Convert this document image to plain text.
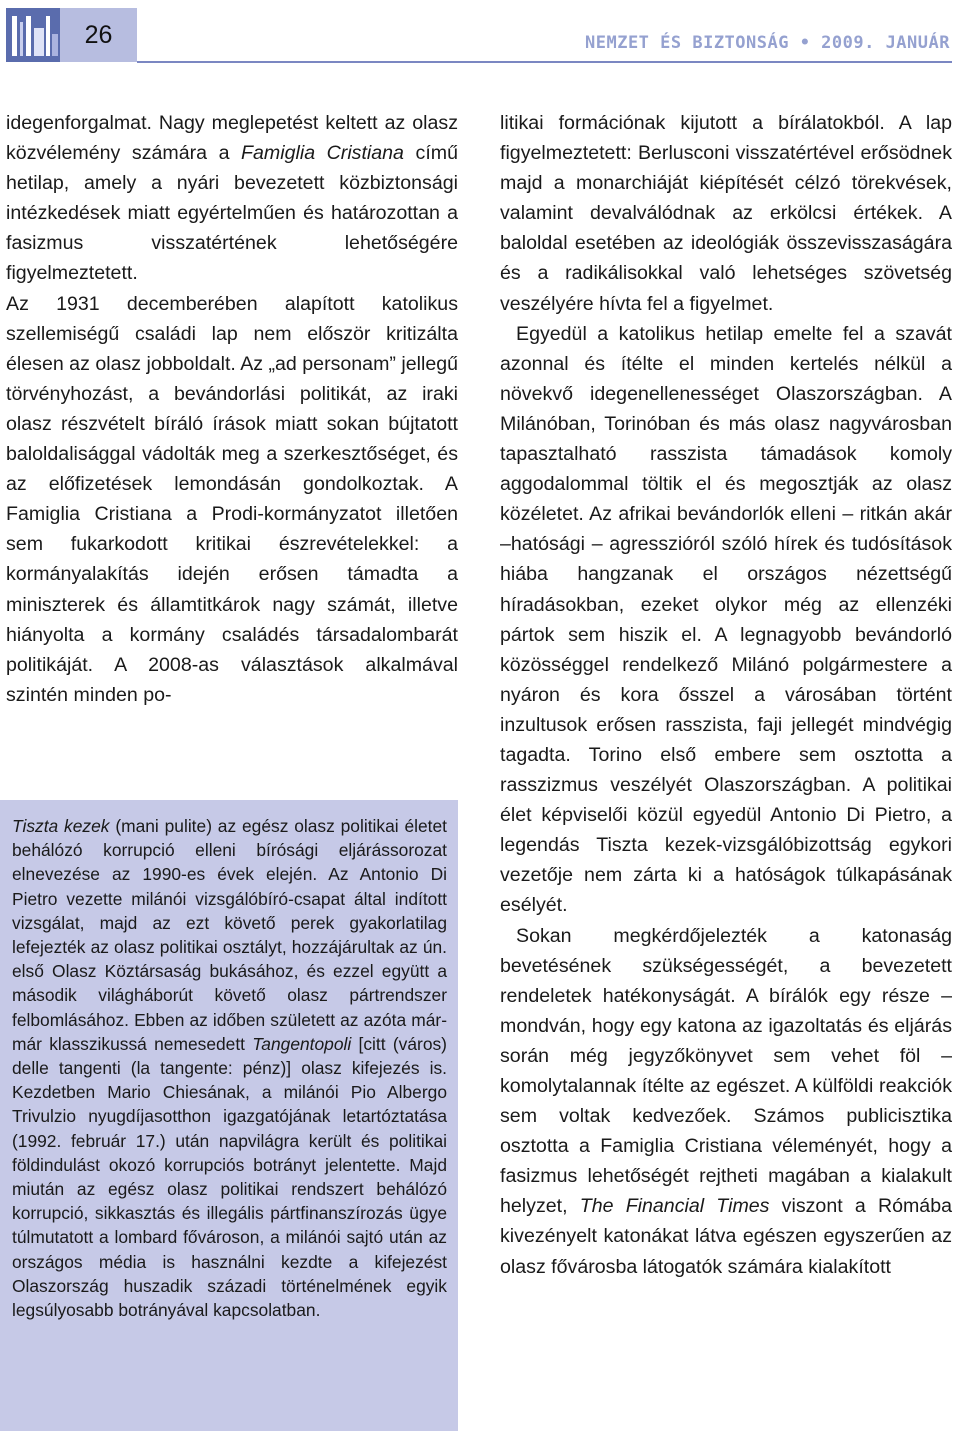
26	NEMZET ÉS BIZTONSÁG • 2009. JANUÁR

idegenforgalmat. Nagy meglepetést keltett az olasz közvélemény számára a Famiglia Cristiana című hetilap, amely a nyári bevezetett közbiztonsági intézkedések miatt egyértelműen és határozottan a fasizmus visszatértének lehetőségére figyelmeztetett.

Az 1931 decemberében alapított katolikus szellemiségű családi lap nem először kritizálta élesen az olasz jobboldalt. Az „ad personam” jellegű törvényhozást, a bevándorlási politikát, az iraki olasz részvételt bíráló írások miatt sokan bújtatott baloldalisággal vádolták meg a szerkesztőséget, és az előfizetések lemondásán gondolkoztak. A Famiglia Cristiana a Prodi-kormányzatot illetően sem fukarkodott kritikai észrevételekkel: a kormányalakítás idején erősen támadta a miniszterek és államtitkárok nagy számát, illetve hiányolta a kormány családés társadalombarát politikáját. A 2008-as választások alkalmával szintén minden po-

Tiszta kezek (mani pulite) az egész olasz politikai életet behálózó korrupció elleni bírósági eljárássorozat elnevezése az 1990-es évek elején. Az Antonio Di Pietro vezette milánói vizsgálóbíró-csapat által indított vizsgálat, majd az ezt követő perek gyakorlatilag lefejezték az olasz politikai osztályt, hozzájárultak az ún. első Olasz Köztársaság bukásához, és ezzel együtt a második világháborút követő olasz pártrendszer felbomlásához. Ebben az időben született az azóta már-már klasszikussá nemesedett Tangentopoli [citt (város) delle tangenti (la tangente: pénz)] olasz kifejezés is. Kezdetben Mario Chiesának, a milánói Pio Albergo Trivulzio nyugdíjasotthon igazgatójának letartóztatása (1992. február 17.) után napvilágra került és politikai földindulást okozó korrupciós botrányt jelentette. Majd miután az egész olasz politikai rendszert behálózó korrupció, sikkasztás és illegális pártfinanszírozás ügye túlmutatott a lombard fővároson, a milánói sajtó után az országos média is használni kezdte a kifejezést Olaszország huszadik századi történelmének egyik legsúlyosabb botrányával kapcsolatban.

litikai formációnak kijutott a bírálatokból. A lap figyelmeztetett: Berlusconi visszatértével erősödnek majd a monarchiáját kiépítését célzó törekvések, valamint devalválódnak az erkölcsi értékek. A baloldal esetében az ideológiák összevisszaságára és a radikálisokkal való lehetséges szövetség veszélyére hívta fel a figyelmet.

Egyedül a katolikus hetilap emelte fel a szavát azonnal és ítélte el minden kertelés nélkül a növekvő idegenellenességet Olaszországban. A Milánóban, Torinóban és más olasz nagyvárosban tapasztalható rasszista támadások komoly aggodalommal töltik el és megosztják az olasz közéletet. Az afrikai bevándorlók elleni – ritkán akár –hatósági – agresszióról szóló hírek és tudósítások hiába hangzanak el országos nézettségű híradásokban, ezeket olykor még az ellenzéki pártok sem hiszik el. A legnagyobb bevándorló közösséggel rendelkező Milánó polgármestere a nyáron és kora ősszel a városában történt inzultusok erősen rasszista, faji jellegét mindvégig tagadta. Torino első embere sem osztotta a rasszizmus veszélyét Olaszországban. A politikai élet képviselői közül egyedül Antonio Di Pietro, a legendás Tiszta kezek-vizsgálóbizottság egykori vezetője nem zárta ki a hatóságok túlkapásának esélyét.

Sokan megkérdőjelezték a katonaság bevetésének szükségességét, a bevezetett rendeletek hatékonyságát. A bírálók egy része – mondván, hogy egy katona az igazoltatás és eljárás során még jegyzőkönyvet sem vehet föl – komolytalannak ítélte az egészet. A külföldi reakciók sem voltak kedvezőek. Számos publicisztika osztotta a Famiglia Cristiana véleményét, hogy a fasizmus lehetőségét rejtheti magában a kialakult helyzet, The Financial Times viszont a Rómába kivezényelt katonákat látva egészen egyszerűen az olasz fővárosba látogatók számára kialakított
